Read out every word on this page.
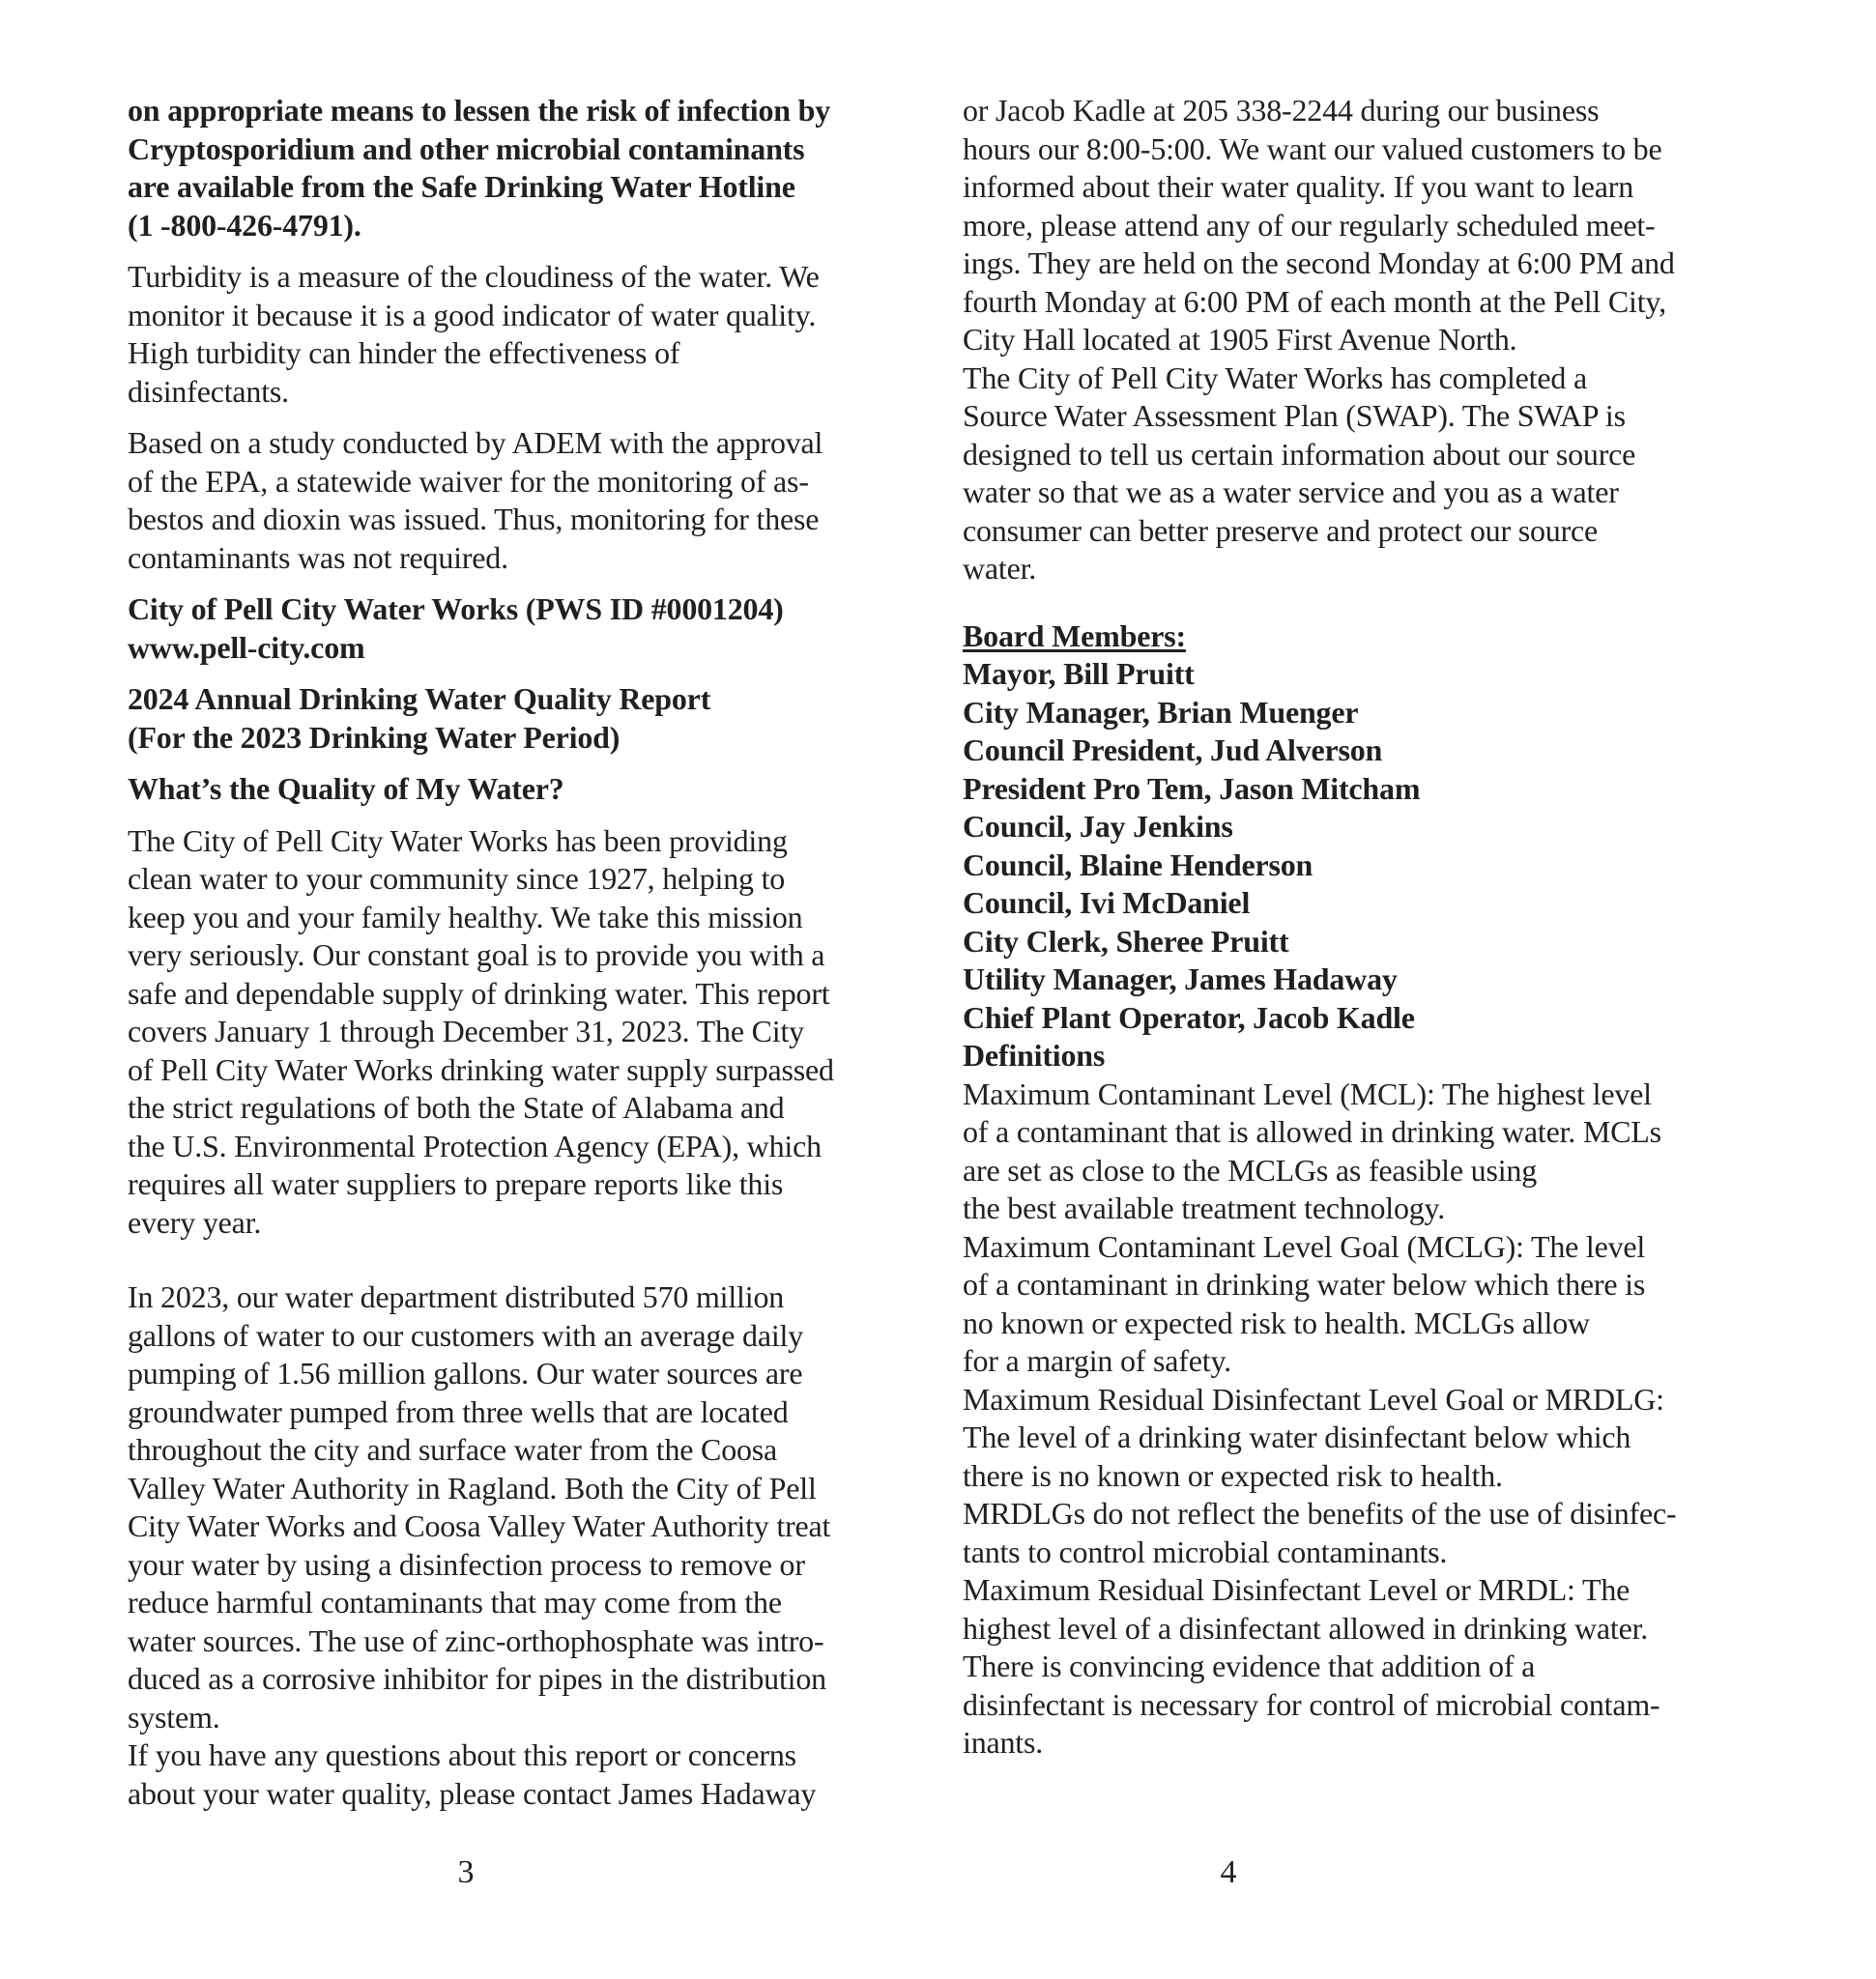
on appropriate means to lessen the risk of infection by
Cryptosporidium and other microbial contaminants
are available from the Safe Drinking Water Hotline
(1 -800-426-4791).

Turbidity is a measure of the cloudiness of the water. We
monitor it because it is a good indicator of water quality.
High turbidity can hinder the effectiveness of
disinfectants.

Based on a study conducted by ADEM with the approval
of the EPA, a statewide waiver for the monitoring of as-
bestos and dioxin was issued. Thus, monitoring for these
contaminants was not required.

City of Pell City Water Works (PWS ID #0001204)
www.pell-city.com

2024 Annual Drinking Water Quality Report
(For the 2023 Drinking Water Period)

What’s the Quality of My Water?

The City of Pell City Water Works has been providing
clean water to your community since 1927, helping to
keep you and your family healthy. We take this mission
very seriously. Our constant goal is to provide you with a
safe and dependable supply of drinking water. This report
covers January 1 through December 31, 2023. The City
of Pell City Water Works drinking water supply surpassed
the strict regulations of both the State of Alabama and
the U.S. Environmental Protection Agency (EPA), which
requires all water suppliers to prepare reports like this
every year.

In 2023, our water department distributed 570 million
gallons of water to our customers with an average daily
pumping of 1.56 million gallons. Our water sources are
groundwater pumped from three wells that are located
throughout the city and surface water from the Coosa
Valley Water Authority in Ragland. Both the City of Pell
City Water Works and Coosa Valley Water Authority treat
your water by using a disinfection process to remove or
reduce harmful contaminants that may come from the
water sources. The use of zinc-orthophosphate was intro-
duced as a corrosive inhibitor for pipes in the distribution
system.

If you have any questions about this report or concerns
about your water quality, please contact James Hadaway

3

or Jacob Kadle at 205 338-2244 during our business
hours our 8:00-5:00. We want our valued customers to be
informed about their water quality. If you want to learn
more, please attend any of our regularly scheduled meet-
ings. They are held on the second Monday at 6:00 PM and
fourth Monday at 6:00 PM of each month at the Pell City,
City Hall located at 1905 First Avenue North.

The City of Pell City Water Works has completed a
Source Water Assessment Plan (SWAP). The SWAP is
designed to tell us certain information about our source
water so that we as a water service and you as a water
consumer can better preserve and protect our source
water.

Board Members:

Mayor, Bill Pruitt
City Manager, Brian Muenger
Council President, Jud Alverson
President Pro Tem, Jason Mitcham
Council, Jay Jenkins
Council, Blaine Henderson
Council, Ivi McDaniel
City Clerk, Sheree Pruitt
Utility Manager, James Hadaway
Chief Plant Operator, Jacob Kadle

Definitions

Maximum Contaminant Level (MCL): The highest level
of a contaminant that is allowed in drinking water. MCLs
are set as close to the MCLGs as feasible using
the best available treatment technology.

Maximum Contaminant Level Goal (MCLG): The level
of a contaminant in drinking water below which there is
no known or expected risk to health. MCLGs allow
for a margin of safety.

Maximum Residual Disinfectant Level Goal or MRDLG:
The level of a drinking water disinfectant below which
there is no known or expected risk to health.
MRDLGs do not reflect the benefits of the use of disinfec-
tants to control microbial contaminants.

Maximum Residual Disinfectant Level or MRDL: The
highest level of a disinfectant allowed in drinking water.
There is convincing evidence that addition of a
disinfectant is necessary for control of microbial contam-
inants.

4
